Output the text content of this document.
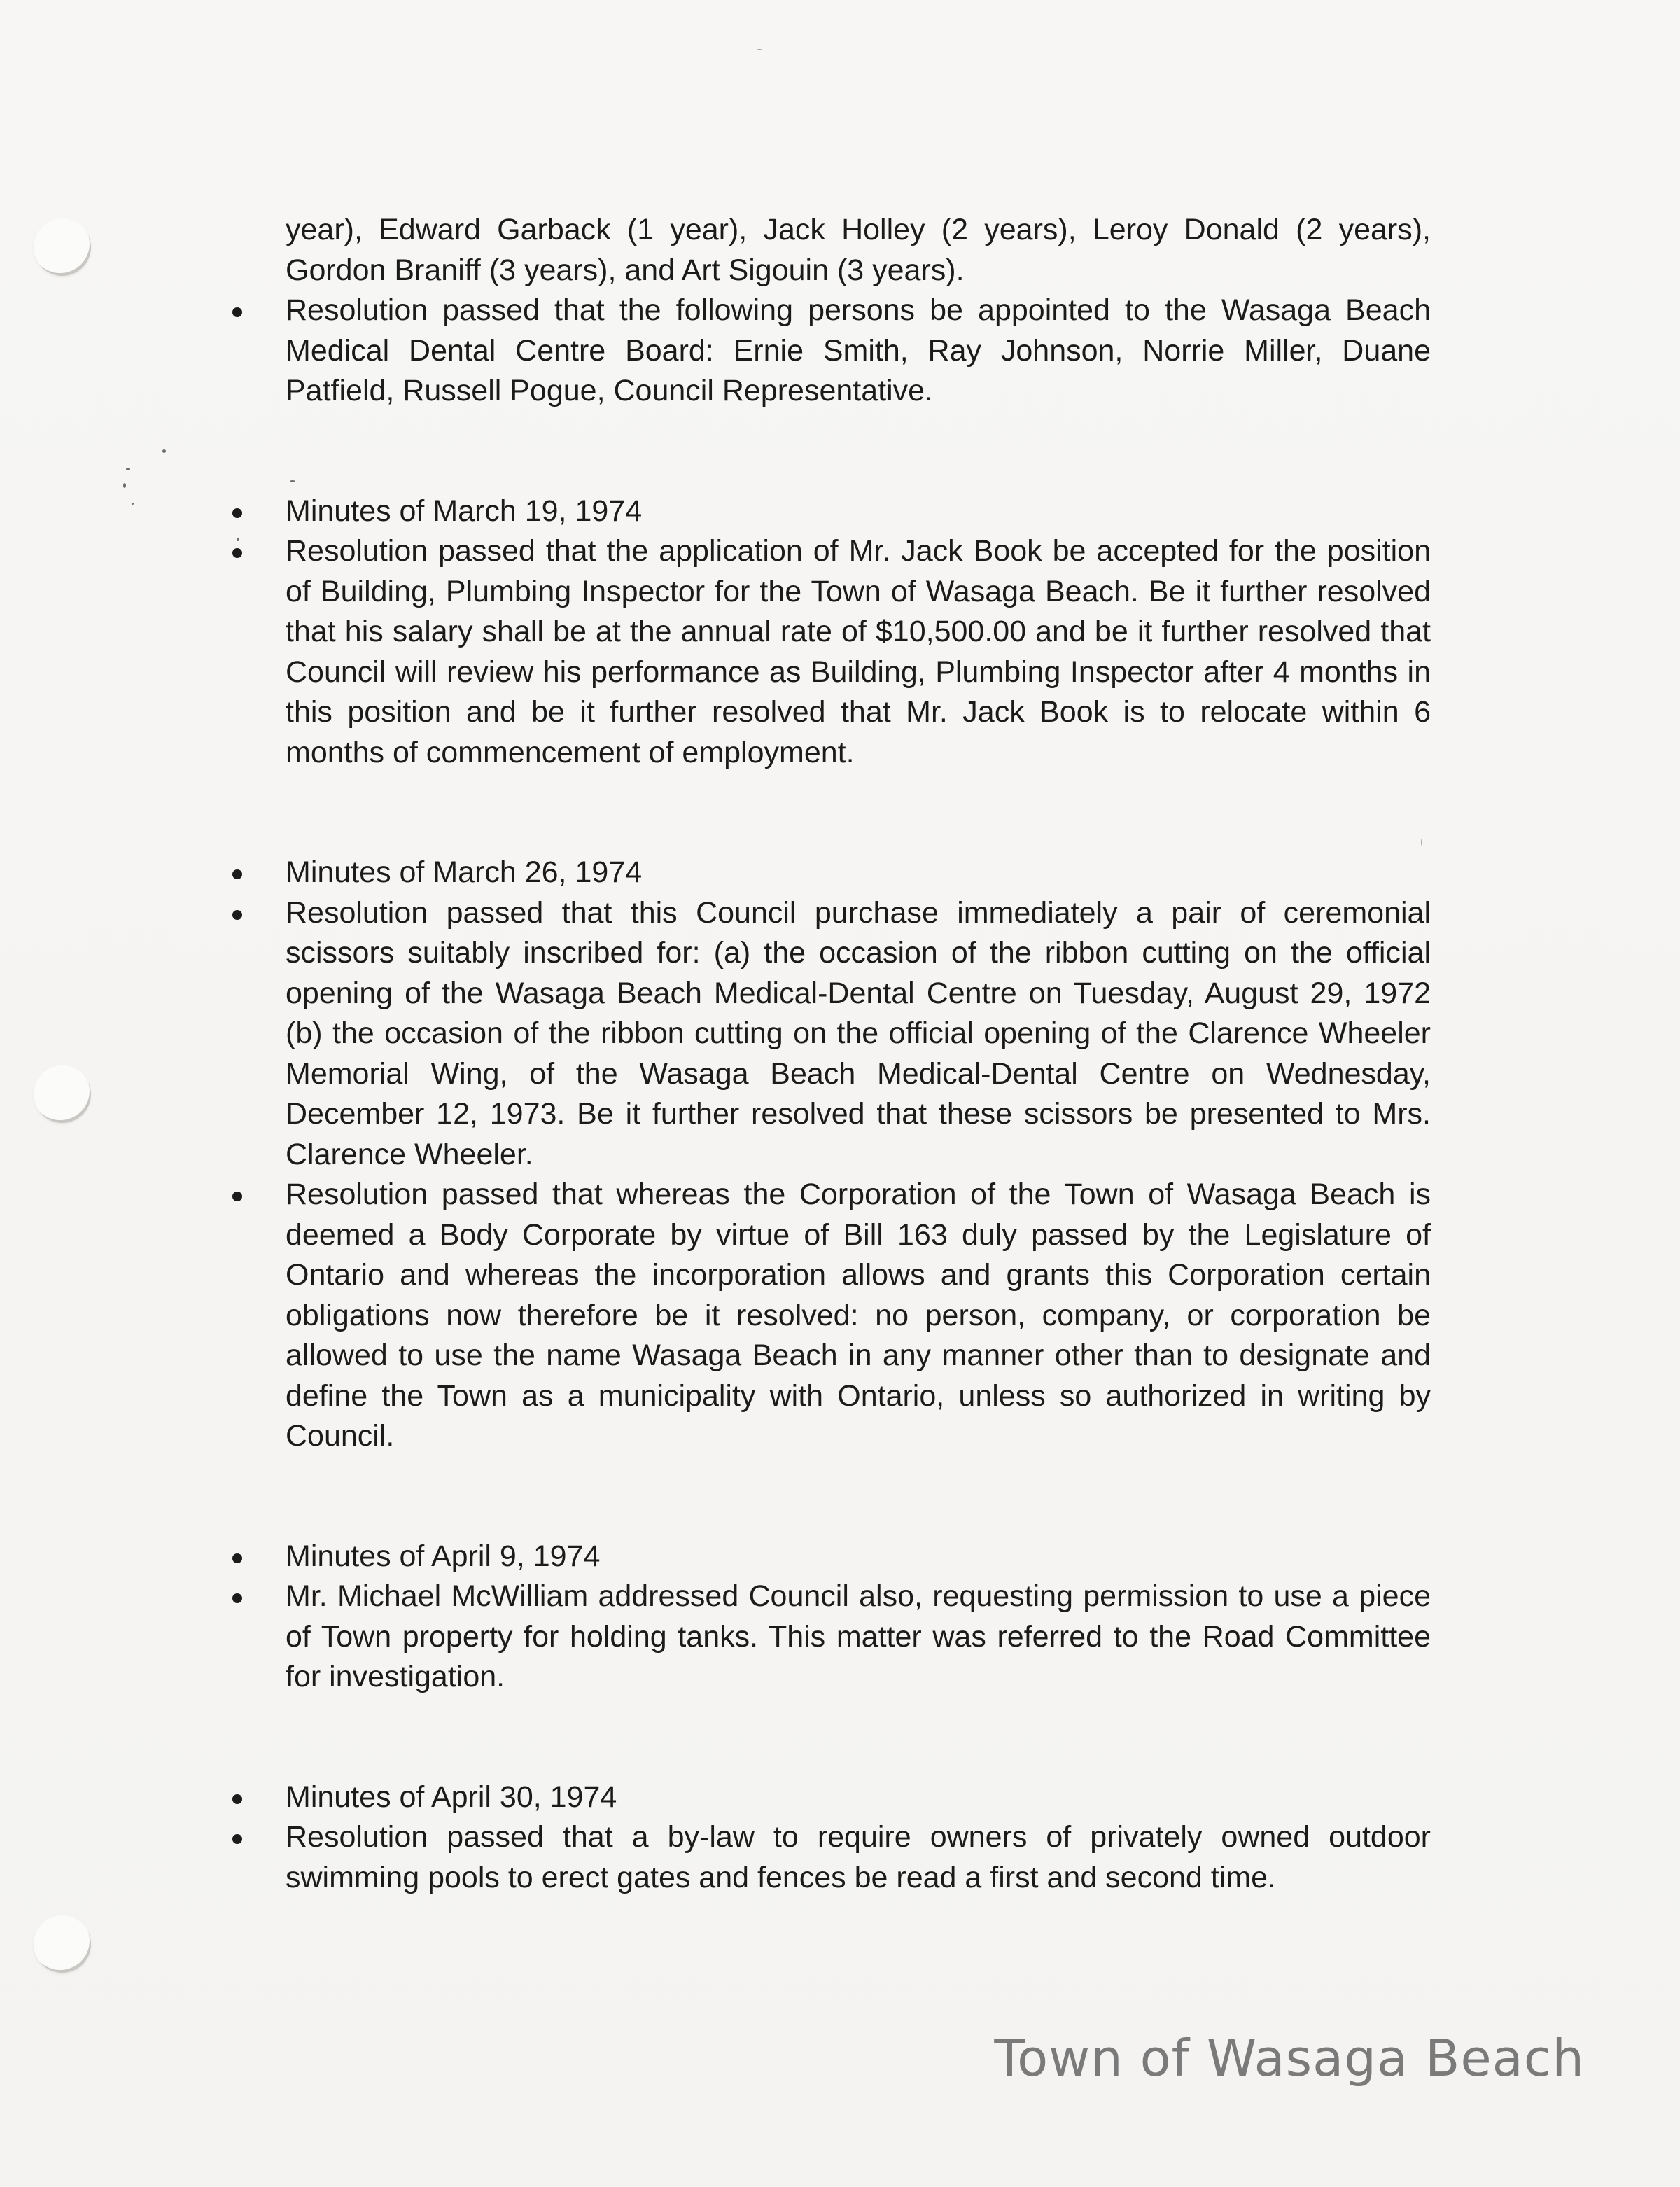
year), Edward Garback (1 year), Jack Holley (2 years), Leroy Donald (2 years), Gordon Braniff (3 years), and Art Sigouin (3 years).
Resolution passed that the following persons be appointed to the Wasaga Beach Medical Dental Centre Board: Ernie Smith, Ray Johnson, Norrie Miller, Duane Patfield, Russell Pogue, Council Representative.
Minutes of March 19, 1974
Resolution passed that the application of Mr. Jack Book be accepted for the position of Building, Plumbing Inspector for the Town of Wasaga Beach. Be it further resolved that his salary shall be at the annual rate of $10,500.00 and be it further resolved that Council will review his performance as Building, Plumbing Inspector after 4 months in this position and be it further resolved that Mr. Jack Book is to relocate within 6 months of commencement of employment.
Minutes of March 26, 1974
Resolution passed that this Council purchase immediately a pair of ceremonial scissors suitably inscribed for: (a) the occasion of the ribbon cutting on the official opening of the Wasaga Beach Medical-Dental Centre on Tuesday, August 29, 1972 (b) the occasion of the ribbon cutting on the official opening of the Clarence Wheeler Memorial Wing, of the Wasaga Beach Medical-Dental Centre on Wednesday, December 12, 1973. Be it further resolved that these scissors be presented to Mrs. Clarence Wheeler.
Resolution passed that whereas the Corporation of the Town of Wasaga Beach is deemed a Body Corporate by virtue of Bill 163 duly passed by the Legislature of Ontario and whereas the incorporation allows and grants this Corporation certain obligations now therefore be it resolved: no person, company, or corporation be allowed to use the name Wasaga Beach in any manner other than to designate and define the Town as a municipality with Ontario, unless so authorized in writing by Council.
Minutes of April 9, 1974
Mr. Michael McWilliam addressed Council also, requesting permission to use a piece of Town property for holding tanks. This matter was referred to the Road Committee for investigation.
Minutes of April 30, 1974
Resolution passed that a by-law to require owners of privately owned outdoor swimming pools to erect gates and fences be read a first and second time.
Town of Wasaga Beach
